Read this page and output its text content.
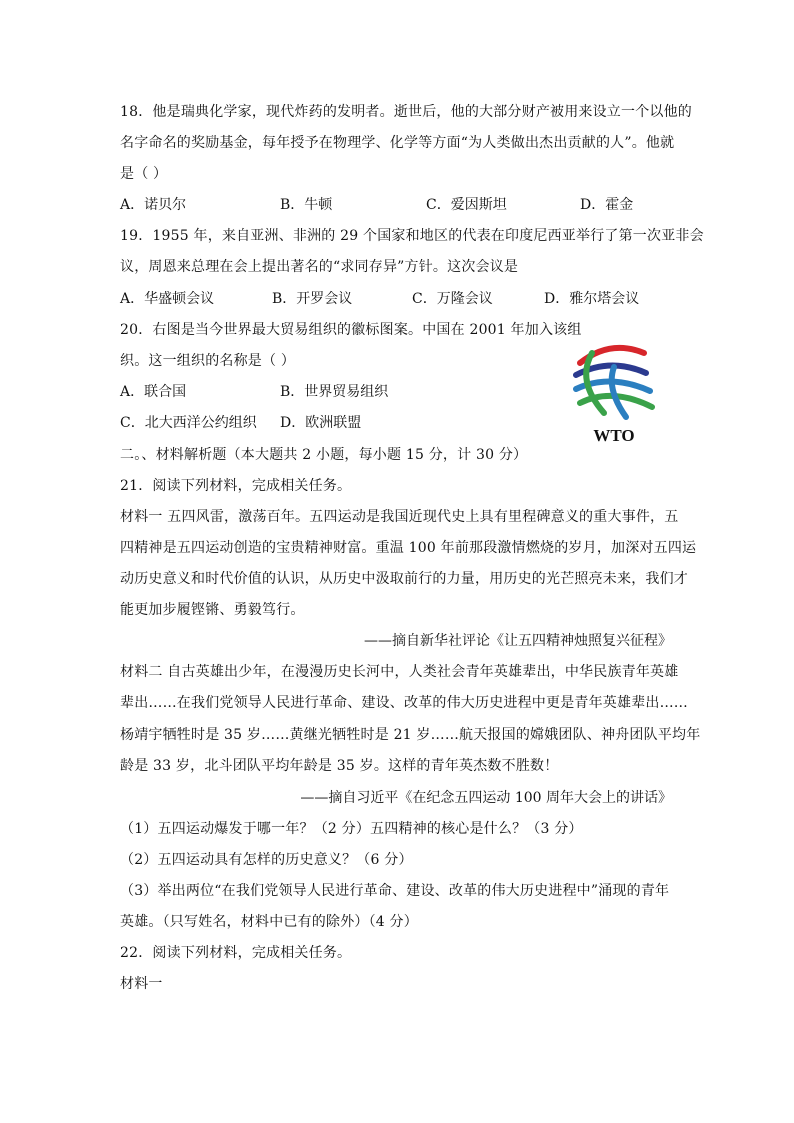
18．他是瑞典化学家，现代炸药的发明者。逝世后，他的大部分财产被用来设立一个以他的
名字命名的奖励基金，每年授予在物理学、化学等方面“为人类做出杰出贡献的人”。他就
是（ ）
A．诺贝尔	B．牛顿	C．爱因斯坦	D．霍金
19．1955 年，来自亚洲、非洲的 29 个国家和地区的代表在印度尼西亚举行了第一次亚非会
议，周恩来总理在会上提出著名的“求同存异”方针。这次会议是
A．华盛顿会议	B．开罗会议	C．万隆会议	D．雅尔塔会议
20．右图是当今世界最大贸易组织的徽标图案。中国在 2001 年加入该组
织。这一组织的名称是（ ）
A．联合国	B．世界贸易组织
C．北大西洋公约组织 D．欧洲联盟
WTO
二。、材料解析题（本大题共 2 小题，每小题 15 分，计 30 分）
21．阅读下列材料，完成相关任务。
材料一 五四风雷，激荡百年。五四运动是我国近现代史上具有里程碑意义的重大事件，五
四精神是五四运动创造的宝贵精神财富。重温 100 年前那段激情燃烧的岁月，加深对五四运
动历史意义和时代价值的认识，从历史中汲取前行的力量，用历史的光芒照亮未来，我们才
能更加步履铿锵、勇毅笃行。
——摘自新华社评论《让五四精神烛照复兴征程》
材料二 自古英雄出少年，在漫漫历史长河中，人类社会青年英雄辈出，中华民族青年英雄
辈出……在我们党领导人民进行革命、建设、改革的伟大历史进程中更是青年英雄辈出……
杨靖宇牺牲时是 35 岁……黄继光牺牲时是 21 岁……航天报国的嫦娥团队、神舟团队平均年
龄是 33 岁，北斗团队平均年龄是 35 岁。这样的青年英杰数不胜数！
——摘自习近平《在纪念五四运动 100 周年大会上的讲话》
（1）五四运动爆发于哪一年？（2 分）五四精神的核心是什么？（3 分）
（2）五四运动具有怎样的历史意义？（6 分）
（3）举出两位“在我们党领导人民进行革命、建设、改革的伟大历史进程中”涌现的青年
英雄。（只写姓名，材料中已有的除外）（4 分）
22．阅读下列材料，完成相关任务。
材料一
